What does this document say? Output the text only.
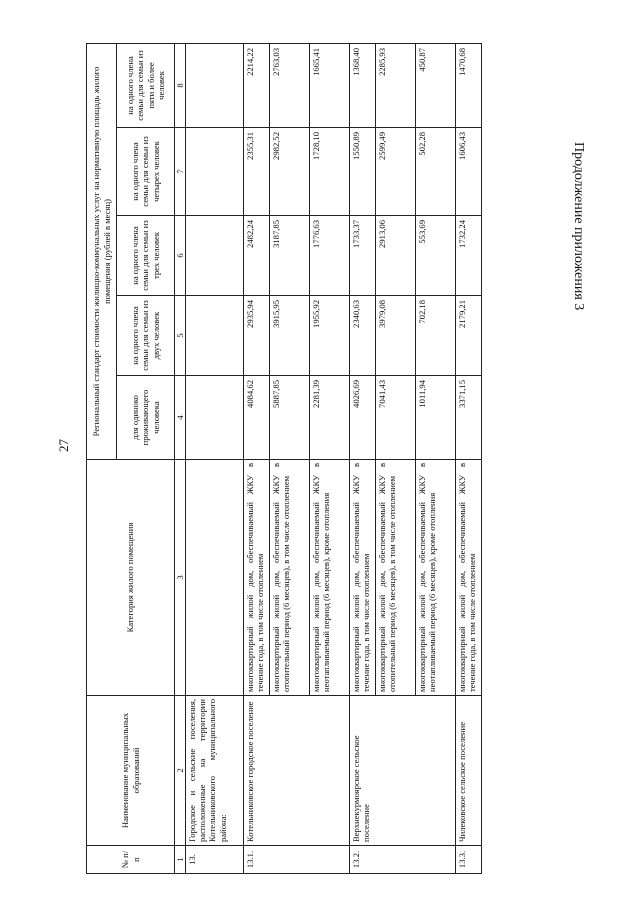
27
Продолжение приложения 3
№ п/п	Наименование муниципальных образований	Категория жилого помещения	Региональный стандарт стоимости жилищно-коммунальных услуг на нормативную площадь жилого помещения (рублей в месяц)				
			для одиноко проживающего человека	на одного члена семьи для семьи из двух человек	на одного члена семьи для семьи из трех человек	на одного члена семьи для семьи из четырех человек	на одного члена семьи для семьи из пяти и более человек

1	2	3	4	5	6	7	8
13.	Городское и сельские поселения, расположенные на территории Котельниковского муниципального района:						
13.1.	Котельниковское городское поселение	многоквартирный жилой дом, обеспечиваемый ЖКУ в течение года, в том числе отоплением	4084,62	2935,94	2482,24	2355,31	2214,22
		многоквартирный жилой дом, обеспечиваемый ЖКУ в отопительный период (6 месяцев), в том числе отоплением	5887,85	3915,95	3187,85	2982,52	2763,03
		многоквартирный жилой дом, обеспечиваемый ЖКУ в неотапливаемый период (6 месяцев), кроме отопления	2281,39	1955,92	1776,63	1728,10	1665,41
13.2.	Верхнекурмоярское сельское поселение	многоквартирный жилой дом, обеспечиваемый ЖКУ в течение года, в том числе отоплением	4026,69	2340,63	1733,37	1550,89	1368,40
		многоквартирный жилой дом, обеспечиваемый ЖКУ в отопительный период (6 месяцев), в том числе отоплением	7041,43	3979,08	2913,06	2599,49	2285,93
		многоквартирный жилой дом, обеспечиваемый ЖКУ в неотапливаемый период (6 месяцев), кроме отопления	1011,94	702,18	553,69	502,28	450,87
13.3.	Чилековское сельское поселение	многоквартирный жилой дом, обеспечиваемый ЖКУ в течение года, в том числе отоплением	3371,15	2179,21	1732,24	1606,43	1470,68
